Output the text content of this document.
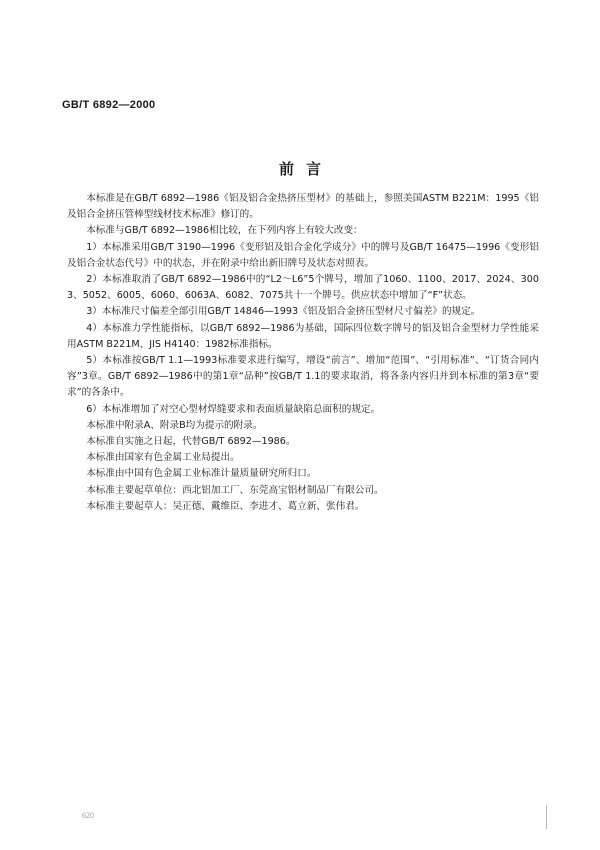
GB/T 6892—2000
前言

本标准是在GB/T 6892—1986《铝及铝合金热挤压型材》的基础上，参照美国ASTM B221M：1995《铝及铝合金挤压管棒型线材技术标准》修订的。

本标准与GB/T 6892—1986相比较，在下列内容上有较大改变：

1）本标准采用GB/T 3190—1996《变形铝及铝合金化学成分》中的牌号及GB/T 16475—1996《变形铝及铝合金状态代号》中的状态，并在附录中给出新旧牌号及状态对照表。

2）本标准取消了GB/T 6892—1986中的“L2～L6”5个牌号，增加了1060、1100、2017、2024、3003、5052、6005、6060、6063A、6082、7075共十一个牌号。供应状态中增加了“F”状态。

3）本标准尺寸偏差全部引用GB/T 14846—1993《铝及铝合金挤压型材尺寸偏差》的规定。

4）本标准力学性能指标，以GB/T 6892—1986为基础，国际四位数字牌号的铝及铝合金型材力学性能采用ASTM B221M、JIS H4140：1982标准指标。

5）本标准按GB/T 1.1—1993标准要求进行编写，增设“前言”、增加“范围”、“引用标准”、“订货合同内容”3章。GB/T 6892—1986中的第1章“品种”按GB/T 1.1的要求取消，将各条内容归并到本标准的第3章“要求”的各条中。

6）本标准增加了对空心型材焊缝要求和表面质量缺陷总面积的规定。

本标准中附录A、附录B均为提示的附录。

本标准自实施之日起，代替GB/T 6892—1986。

本标准由国家有色金属工业局提出。

本标准由中国有色金属工业标准计量质量研究所归口。

本标准主要起草单位：西北铝加工厂、东莞高宝铝材制品厂有限公司。

本标准主要起草人：吴正德、戴维臣、李进才、葛立新、张伟君。

620
